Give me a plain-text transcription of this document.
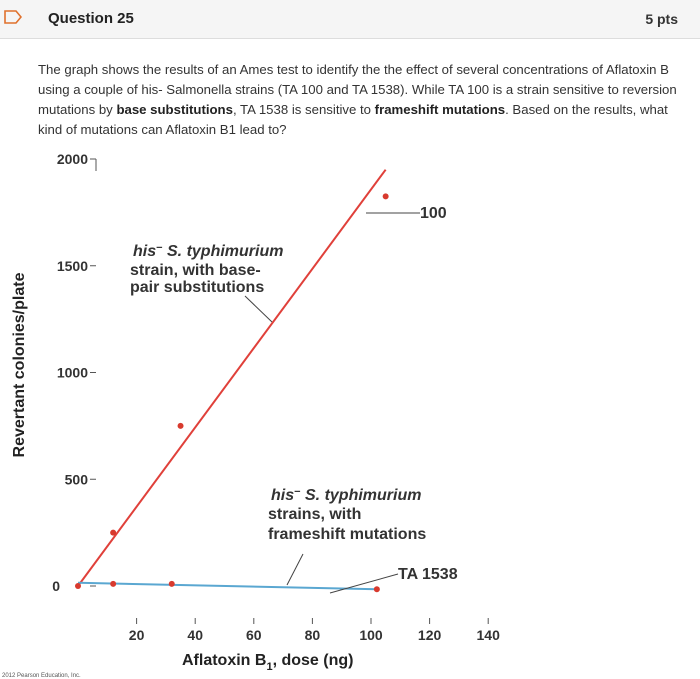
Question 25	5 pts
The graph shows the results of an Ames test to identify the the effect of several concentrations of Aflatoxin B using a couple of his- Salmonella strains (TA 100 and TA 1538). While TA 100 is a strain sensitive to reversion mutations by base substitutions, TA 1538 is sensitive to frameshift mutations. Based on the results, what kind of mutations can Aflatoxin B1 lead to?
0
500
1000
1500
2000
20	40	60	80	100	120	140
his− S. typhimurium strain, with base- pair substitutions
his− S. typhimurium strains, with frameshift mutations
100
TA 1538
Revertant colonies/plate
Aflatoxin $B_1$, dose (ng)
2012 Pearson Education, Inc.
